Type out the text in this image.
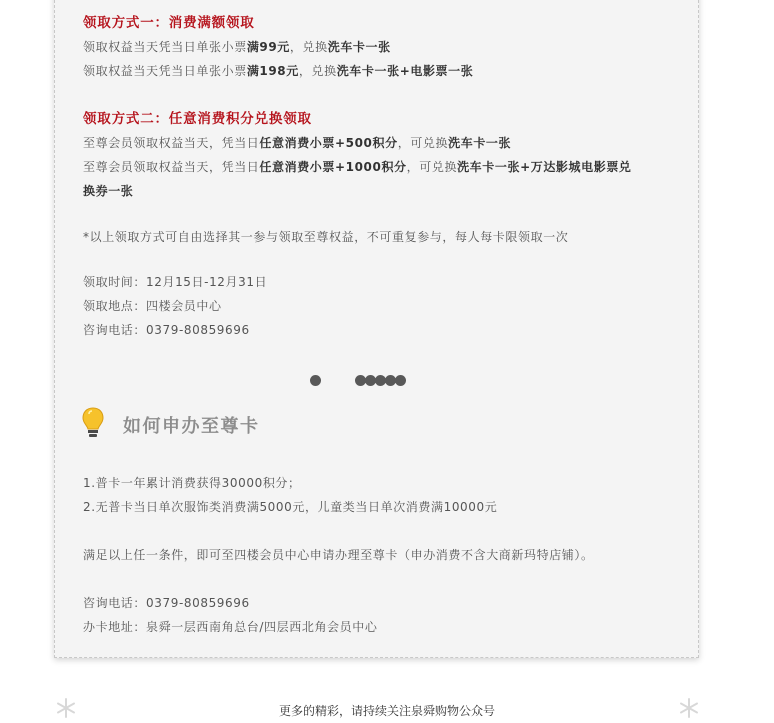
领取方式一：消费满额领取
领取权益当天凭当日单张小票满99元，兑换洗车卡一张
领取权益当天凭当日单张小票满198元，兑换洗车卡一张+电影票一张
领取方式二：任意消费积分兑换领取
至尊会员领取权益当天，凭当日任意消费小票+500积分，可兑换洗车卡一张
至尊会员领取权益当天，凭当日任意消费小票+1000积分，可兑换洗车卡一张+万达影城电影票兑
换券一张
*以上领取方式可自由选择其一参与领取至尊权益，不可重复参与，每人每卡限领取一次
领取时间：12月15日-12月31日
领取地点：四楼会员中心
咨询电话：0379-80859696
如何申办至尊卡
1.普卡一年累计消费获得30000积分；
2.无普卡当日单次服饰类消费满5000元，儿童类当日单次消费满10000元
满足以上任一条件，即可至四楼会员中心申请办理至尊卡（申办消费不含大商新玛特店铺）。
咨询电话：0379-80859696
办卡地址：泉舜一层西南角总台/四层西北角会员中心
更多的精彩，请持续关注泉舜购物公众号
